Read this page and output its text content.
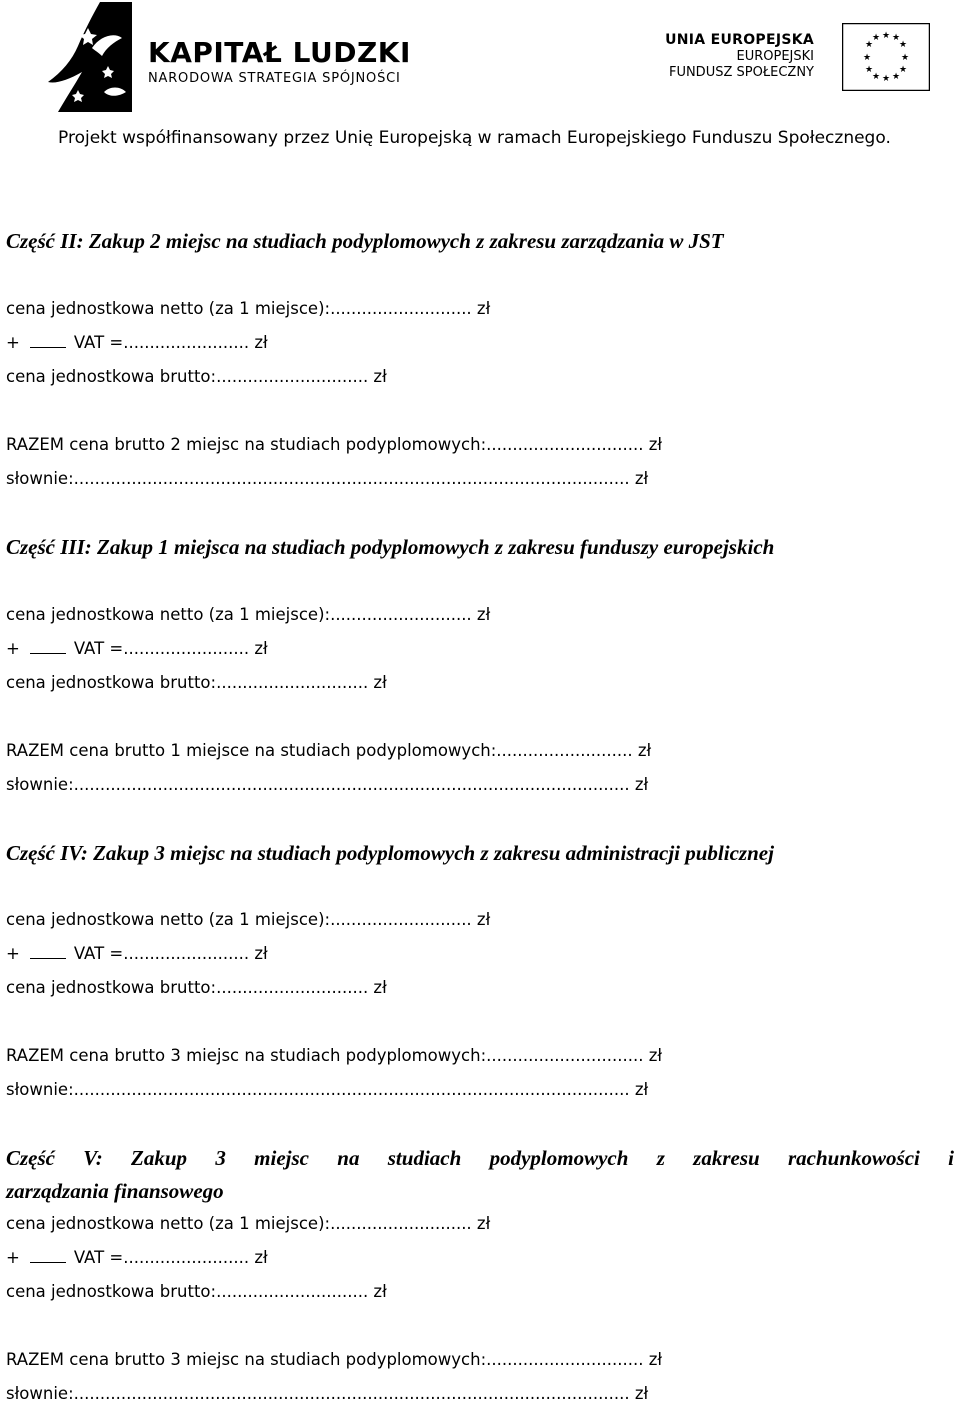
KAPITAŁ LUDZKI
NARODOWA STRATEGIA SPÓJNOŚCI
UNIA EUROPEJSKA
EUROPEJSKI
FUNDUSZ SPOŁECZNY
★ ★
★
★
★
★
★
★
★
★
★
★
Projekt współfinansowany przez Unię Europejską w ramach Europejskiego Funduszu Społecznego.
Część II: Zakup 2 miejsc na studiach podyplomowych z zakresu zarządzania w JST
cena jednostkowa netto (za 1 miejsce):........................... zł
+	VAT =........................ zł
cena jednostkowa brutto:............................. zł
RAZEM cena brutto 2 miejsc na studiach podyplomowych:.............................. zł
słownie:.......................................................................................................... zł
Część III: Zakup 1 miejsca na studiach podyplomowych z zakresu funduszy europejskich
cena jednostkowa netto (za 1 miejsce):........................... zł
+	VAT =........................ zł
cena jednostkowa brutto:............................. zł
RAZEM cena brutto 1 miejsce na studiach podyplomowych:.......................... zł
słownie:.......................................................................................................... zł
Część IV: Zakup 3 miejsc na studiach podyplomowych z zakresu administracji publicznej
cena jednostkowa netto (za 1 miejsce):........................... zł
+	VAT =........................ zł
cena jednostkowa brutto:............................. zł
RAZEM cena brutto 3 miejsc na studiach podyplomowych:.............................. zł
słownie:.......................................................................................................... zł
Część V: Zakup 3 miejsc na studiach podyplomowych z zakresu rachunkowości i
zarządzania finansowego
cena jednostkowa netto (za 1 miejsce):........................... zł
+	VAT =........................ zł
cena jednostkowa brutto:............................. zł
RAZEM cena brutto 3 miejsc na studiach podyplomowych:.............................. zł
słownie:.......................................................................................................... zł
